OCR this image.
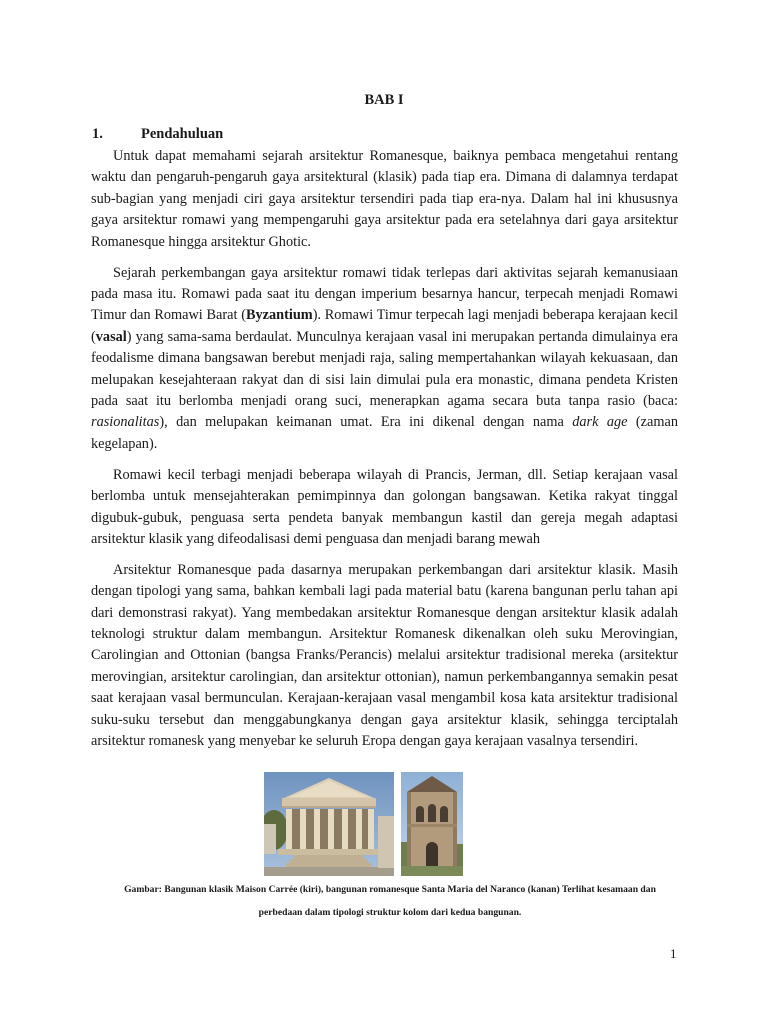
BAB I
1.	Pendahuluan

Untuk dapat memahami sejarah arsitektur Romanesque, baiknya pembaca mengetahui rentang waktu dan pengaruh-pengaruh gaya arsitektural (klasik) pada tiap era. Dimana di dalamnya terdapat sub-bagian yang menjadi ciri gaya arsitektur tersendiri pada tiap era-nya. Dalam hal ini khususnya gaya arsitektur romawi yang mempengaruhi gaya arsitektur pada era setelahnya dari gaya arsitektur Romanesque hingga arsitektur Ghotic.

Sejarah perkembangan gaya arsitektur romawi tidak terlepas dari aktivitas sejarah kemanusiaan pada masa itu. Romawi pada saat itu dengan imperium besarnya hancur, terpecah menjadi Romawi Timur dan Romawi Barat (Byzantium). Romawi Timur terpecah lagi menjadi beberapa kerajaan kecil (vasal) yang sama-sama berdaulat. Munculnya kerajaan vasal ini merupakan pertanda dimulainya era feodalisme dimana bangsawan berebut menjadi raja, saling mempertahankan wilayah kekuasaan, dan melupakan kesejahteraan rakyat dan di sisi lain dimulai pula era monastic, dimana pendeta Kristen pada saat itu berlomba menjadi orang suci, menerapkan agama secara buta tanpa rasio (baca: rasionalitas), dan melupakan keimanan umat. Era ini dikenal dengan nama dark age (zaman kegelapan).

Romawi kecil terbagi menjadi beberapa wilayah di Prancis, Jerman, dll. Setiap kerajaan vasal berlomba untuk mensejahterakan pemimpinnya dan golongan bangsawan. Ketika rakyat tinggal digubuk-gubuk, penguasa serta pendeta banyak membangun kastil dan gereja megah adaptasi arsitektur klasik yang difeodalisasi demi penguasa dan menjadi barang mewah

Arsitektur Romanesque pada dasarnya merupakan perkembangan dari arsitektur klasik. Masih dengan tipologi yang sama, bahkan kembali lagi pada material batu (karena bangunan perlu tahan api dari demonstrasi rakyat). Yang membedakan arsitektur Romanesque dengan arsitektur klasik adalah teknologi struktur dalam membangun. Arsitektur Romanesk dikenalkan oleh suku Merovingian, Carolingian and Ottonian (bangsa Franks/Perancis) melalui arsitektur tradisional mereka (arsitektur merovingian, arsitektur carolingian, dan arsitektur ottonian), namun perkembangannya semakin pesat saat kerajaan vasal bermunculan. Kerajaan-kerajaan vasal mengambil kosa kata arsitektur tradisional suku-suku tersebut dan menggabungkanya dengan gaya arsitektur klasik, sehingga terciptalah arsitektur romanesk yang menyebar ke seluruh Eropa dengan gaya kerajaan vasalnya tersendiri.

Gambar: Bangunan klasik Maison Carrée (kiri), bangunan romanesque Santa Maria del Naranco (kanan) Terlihat kesamaan dan
perbedaan dalam tipologi struktur kolom dari kedua bangunan.
1
